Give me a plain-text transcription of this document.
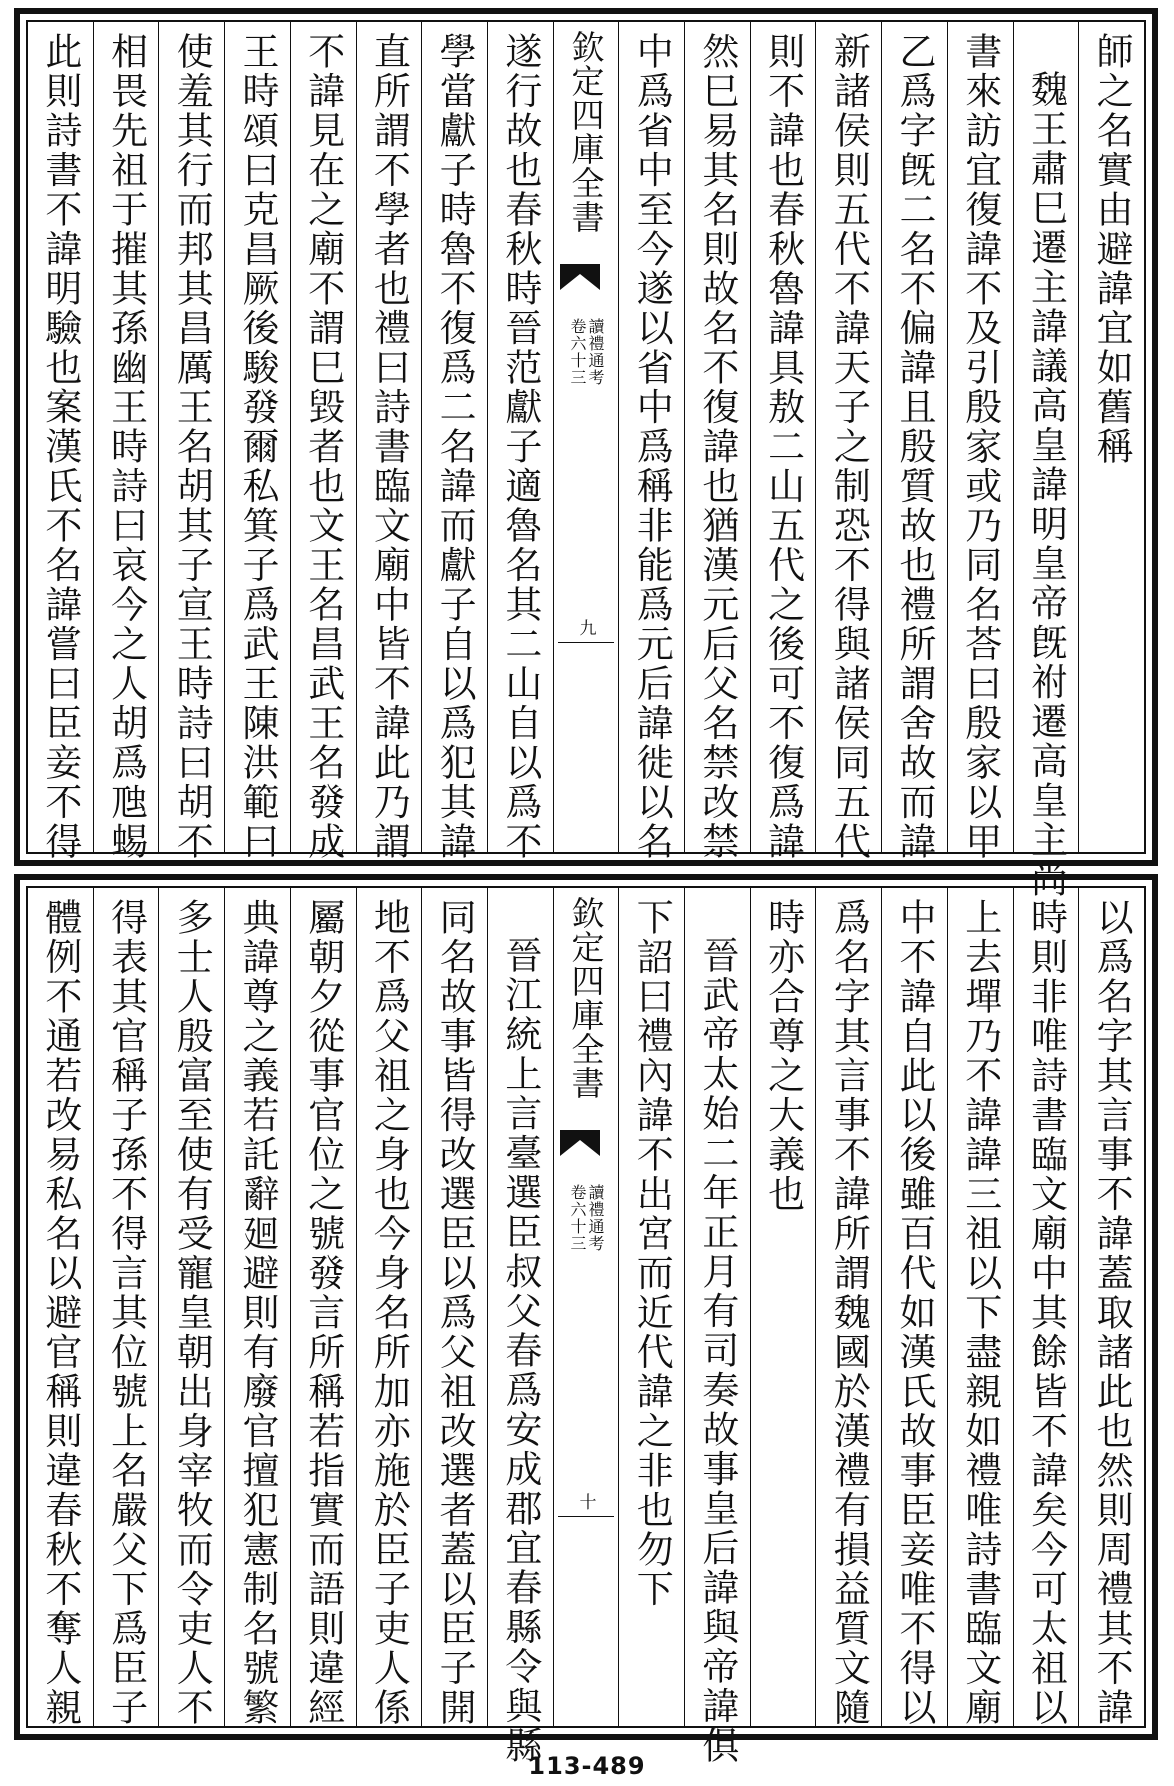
師之名實由避諱宜如舊稱
魏王肅巳遷主諱議高皇諱明皇帝旣祔遷高皇主尚
書來訪宜復諱不及引殷家或乃同名荅曰殷家以甲
乙爲字旣二名不偏諱且殷質故也禮所謂舍故而諱
新諸侯則五代不諱天子之制恐不得與諸侯同五代
則不諱也春秋魯諱具敖二山五代之後可不復爲諱
然巳易其名則故名不復諱也猶漢元后父名禁改禁
中爲省中至今遂以省中爲稱非能爲元后諱徙以名
欽定四庫全書
讀禮通考
卷六十三
九
遂行故也春秋時晉范獻子適魯名其二山自以爲不
學當獻子時魯不復爲二名諱而獻子自以爲犯其諱
直所謂不學者也禮曰詩書臨文廟中皆不諱此乃謂
不諱見在之廟不謂巳毀者也文王名昌武王名發成
王時頌曰克昌厥後駿發爾私箕子爲武王陳洪範曰
使羞其行而邦其昌厲王名胡其子宣王時詩曰胡不
相畏先祖于摧其孫幽王時詩曰哀今之人胡爲虺蜴
此則詩書不諱明驗也案漢氏不名諱嘗曰臣妾不得
以爲名字其言事不諱蓋取諸此也然則周禮其不諱
時則非唯詩書臨文廟中其餘皆不諱矣今可太祖以
上去墠乃不諱諱三祖以下盡親如禮唯詩書臨文廟
中不諱自此以後雖百代如漢氏故事臣妾唯不得以
爲名字其言事不諱所謂魏國於漢禮有損益質文隨
時亦合尊之大義也
晉武帝太始二年正月有司奏故事皇后諱與帝諱俱
下詔曰禮內諱不出宮而近代諱之非也勿下
欽定四庫全書
讀禮通考
卷六十三
十
晉江統上言臺選臣叔父春爲安成郡宜春縣令與縣
同名故事皆得改選臣以爲父祖改選者蓋以臣子開
地不爲父祖之身也今身名所加亦施於臣子吏人係
屬朝夕從事官位之號發言所稱若指實而語則違經
典諱尊之義若託辭廻避則有廢官擅犯憲制名號繁
多士人殷富至使有受寵皇朝出身宰牧而令吏人不
得表其官稱子孫不得言其位號上名嚴父下爲臣子
體例不通若改易私名以避官稱則違春秋不奪人親
113-489
